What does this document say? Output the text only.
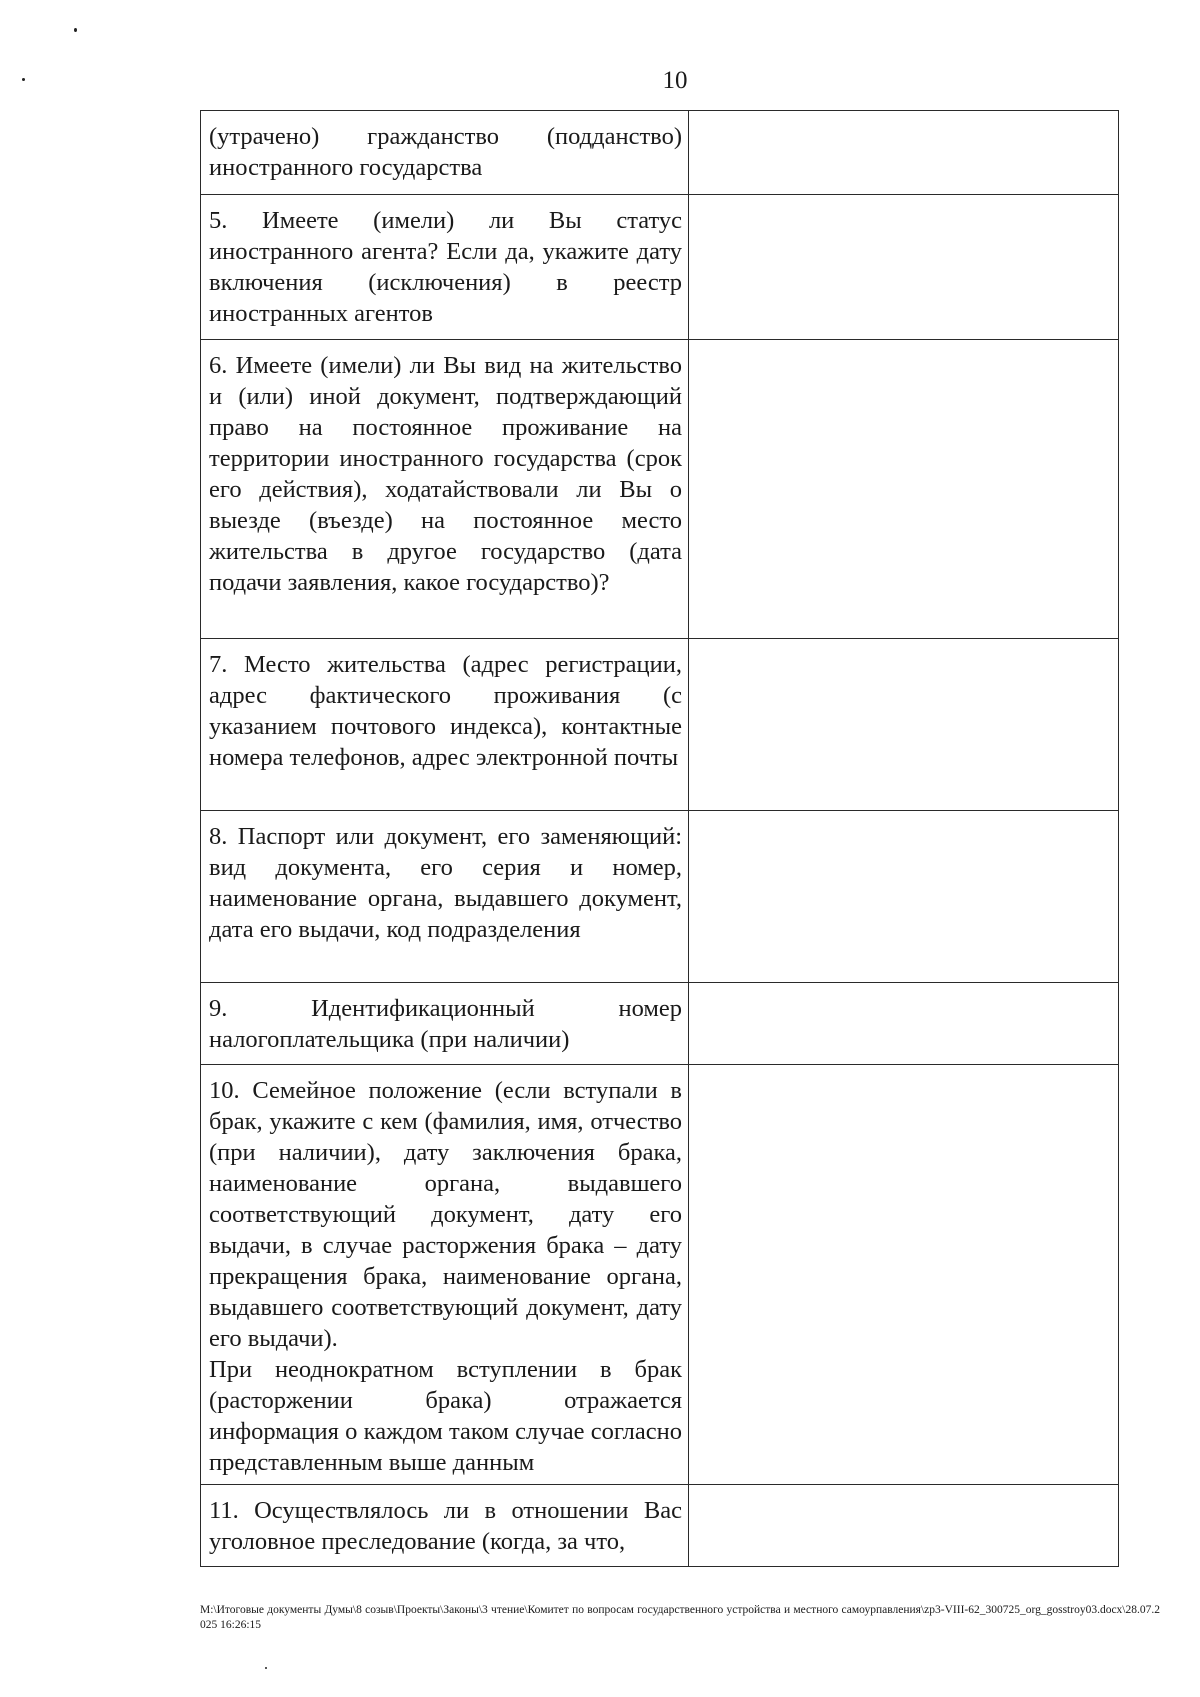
10

(утрачено) гражданство (подданство) иностранного государства	

5. Имеете (имели) ли Вы статус иностранного агента? Если да, укажите дату включения (исключения) в реестр иностранных агентов	

6. Имеете (имели) ли Вы вид на жительство и (или) иной документ, подтверждающий право на постоянное проживание на территории иностранного государства (срок его действия), ходатайствовали ли Вы о выезде (въезде) на постоянное место жительства в другое государство (дата подачи заявления, какое государство)?	

7. Место жительства (адрес регистрации, адрес фактического проживания (с указанием почтового индекса), контактные номера телефонов, адрес электронной почты	

8. Паспорт или документ, его заменяющий: вид документа, его серия и номер, наименование органа, выдавшего документ, дата его выдачи, код подразделения	

9. Идентификационный номер налогоплательщика (при наличии)	

10. Семейное положение (если вступали в брак, укажите с кем (фамилия, имя, отчество (при наличии), дату заключения брака, наименование органа, выдавшего соответствующий документ, дату его выдачи, в случае расторжения брака – дату прекращения брака, наименование органа, выдавшего соответствующий документ, дату его выдачи).

При неоднократном вступлении в брак (расторжении брака) отражается информация о каждом таком случае согласно представленным выше данным	

11. Осуществлялось ли в отношении Вас уголовное преследование (когда, за что,	

М:\Итоговые документы Думы\8 созыв\Проекты\Законы\3 чтение\Комитет по вопросам государственного устройства и местного самоурпавления\zp3-VIII-62_300725_org_gosstroy03.docx\28.07.2025 16:26:15
